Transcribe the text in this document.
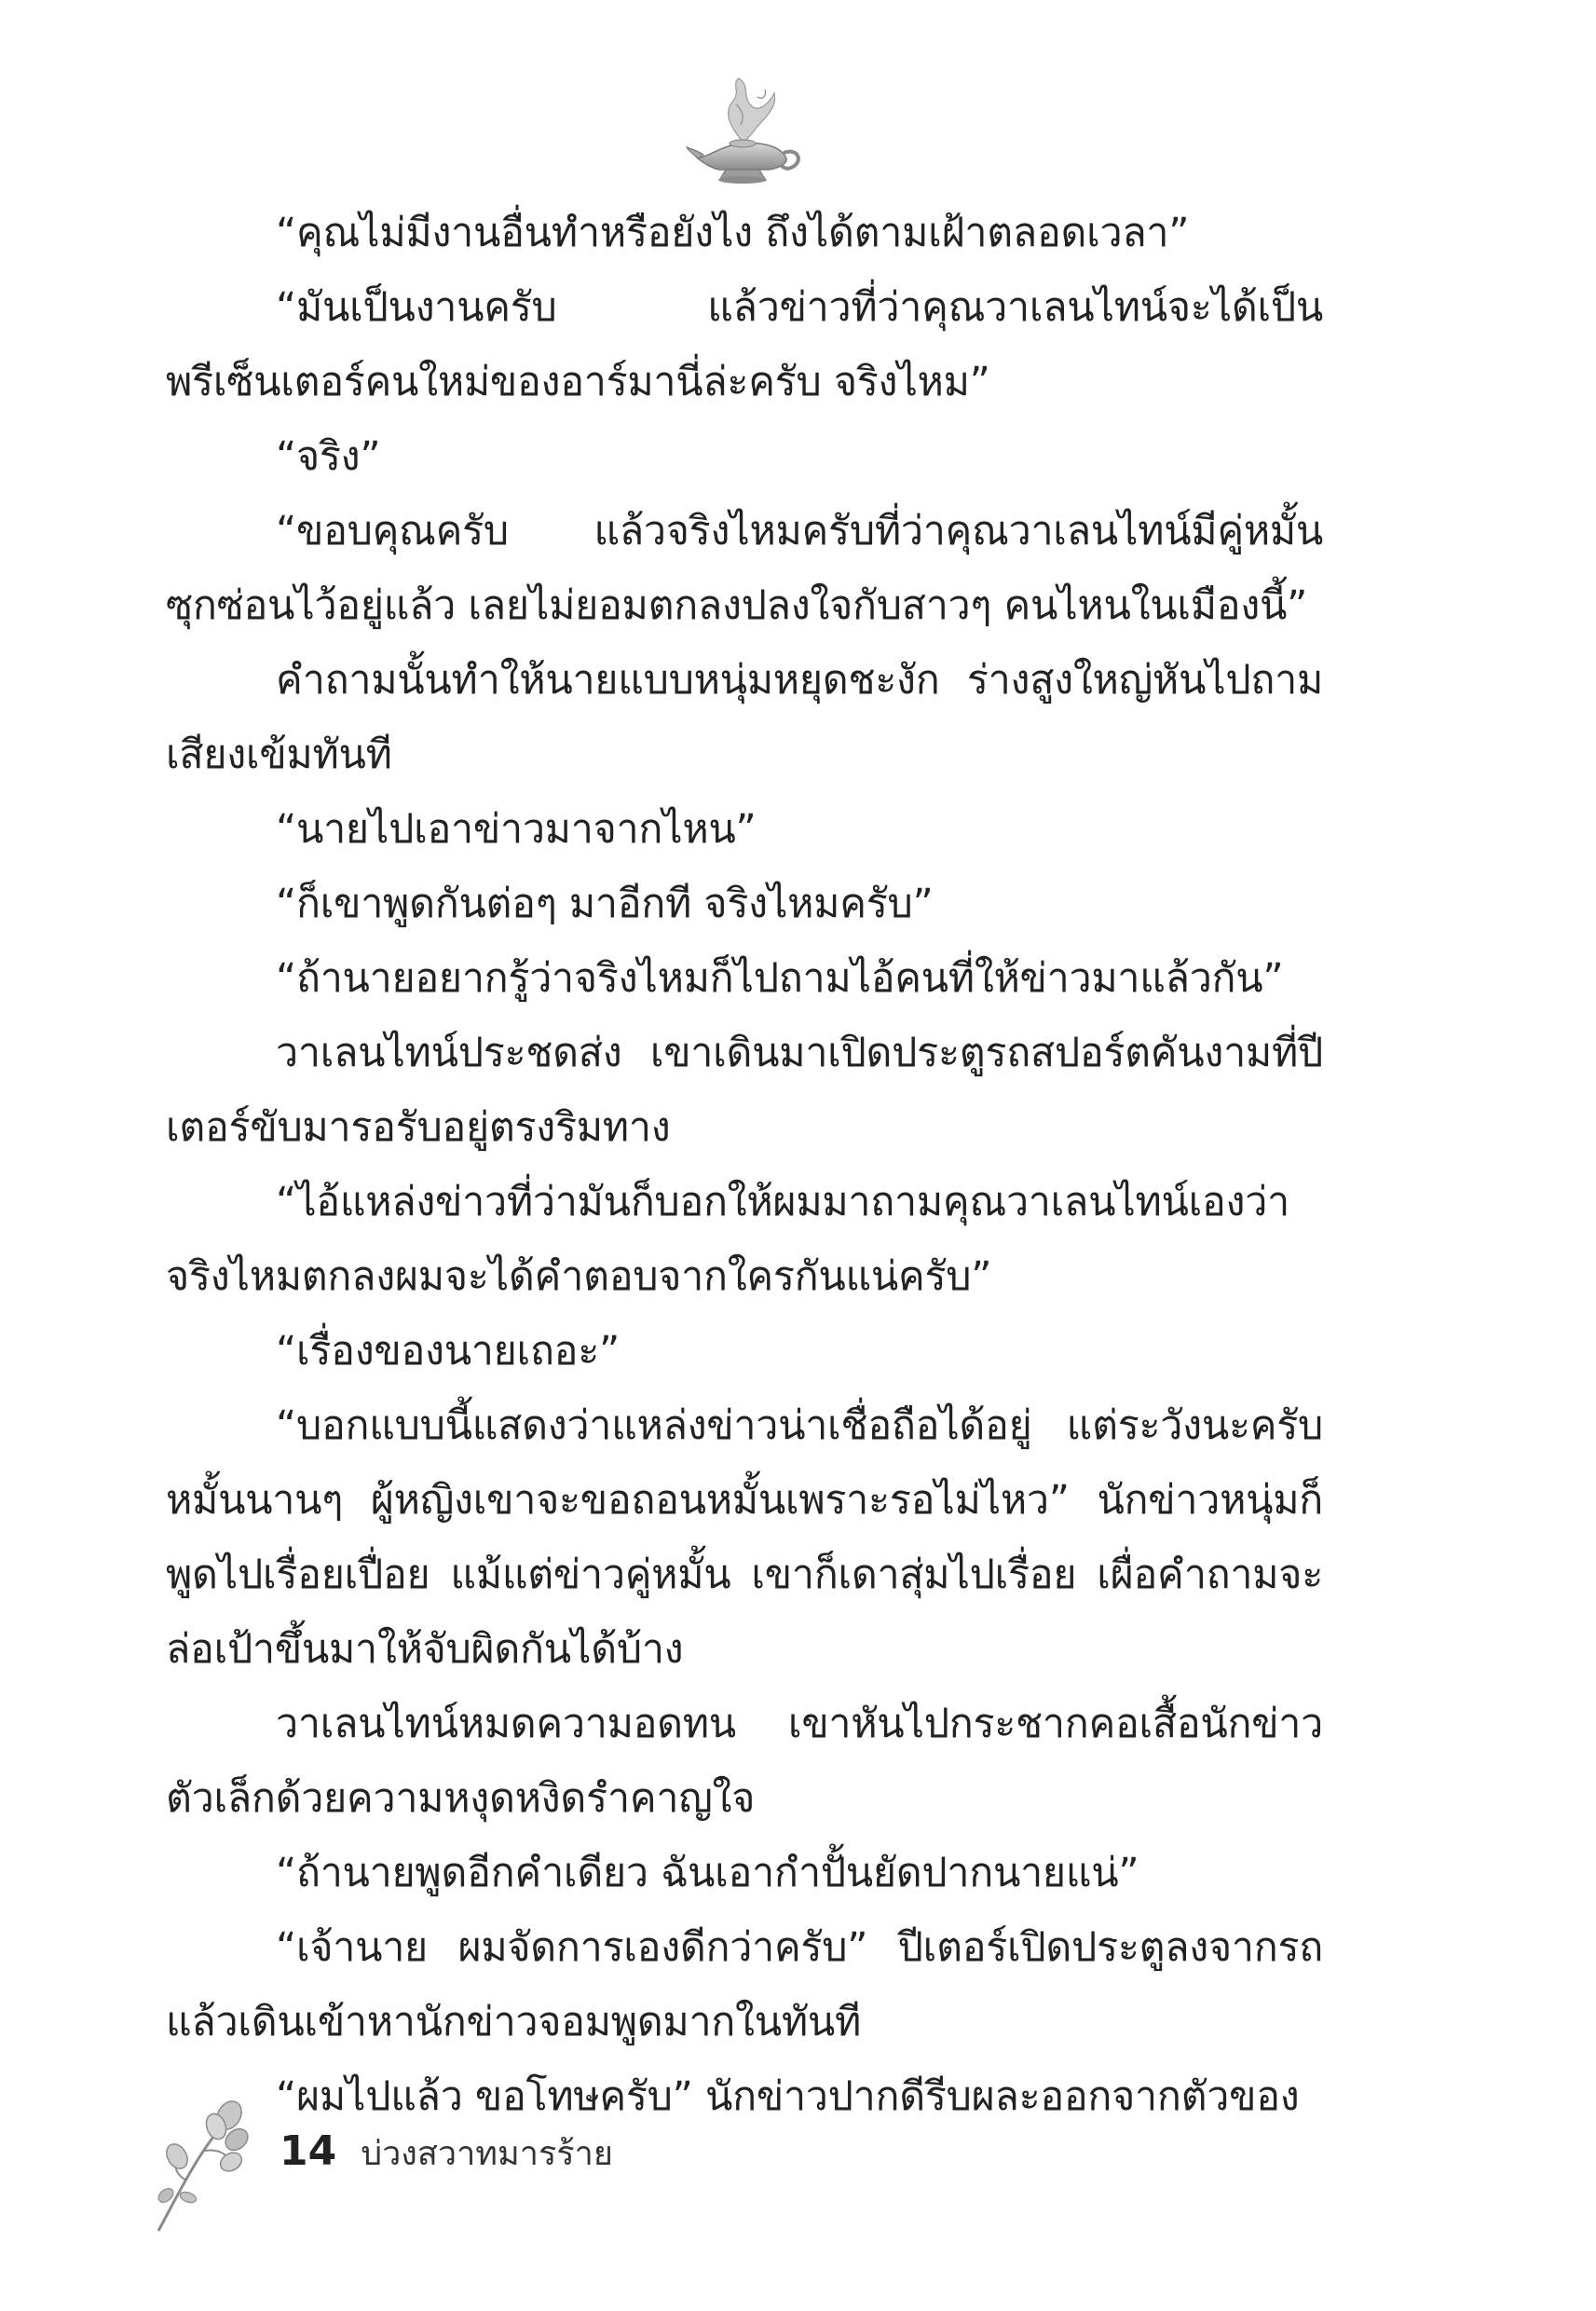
“คุณไม่มีงานอื่นทำหรือยังไง ถึงได้ตามเฝ้าตลอดเวลา”

“มันเป็นงานครับ แล้วข่าวที่ว่าคุณวาเลนไทน์จะได้เป็นพรีเซ็นเตอร์คนใหม่ของอาร์มานี่ล่ะครับ จริงไหม”

“จริง”

“ขอบคุณครับ แล้วจริงไหมครับที่ว่าคุณวาเลนไทน์มีคู่หมั้นซุกซ่อนไว้อยู่แล้ว เลยไม่ยอมตกลงปลงใจกับสาวๆ คนไหนในเมืองนี้”

คำถามนั้นทำให้นายแบบหนุ่มหยุดชะงัก ร่างสูงใหญ่หันไปถามเสียงเข้มทันที

“นายไปเอาข่าวมาจากไหน”

“ก็เขาพูดกันต่อๆ มาอีกที จริงไหมครับ”

“ถ้านายอยากรู้ว่าจริงไหมก็ไปถามไอ้คนที่ให้ข่าวมาแล้วกัน”

วาเลนไทน์ประชดส่ง เขาเดินมาเปิดประตูรถสปอร์ตคันงามที่ปีเตอร์ขับมารอรับอยู่ตรงริมทาง

“ไอ้แหล่งข่าวที่ว่ามันก็บอกให้ผมมาถามคุณวาเลนไทน์เองว่าจริงไหมตกลงผมจะได้คำตอบจากใครกันแน่ครับ”

“เรื่องของนายเถอะ”

“บอกแบบนี้แสดงว่าแหล่งข่าวน่าเชื่อถือได้อยู่ แต่ระวังนะครับ หมั้นนานๆ ผู้หญิงเขาจะขอถอนหมั้นเพราะรอไม่ไหว” นักข่าวหนุ่มก็พูดไปเรื่อยเปื่อย แม้แต่ข่าวคู่หมั้น เขาก็เดาสุ่มไปเรื่อย เผื่อคำถามจะล่อเป้าขึ้นมาให้จับผิดกันได้บ้าง

วาเลนไทน์หมดความอดทน เขาหันไปกระชากคอเสื้อนักข่าวตัวเล็กด้วยความหงุดหงิดรำคาญใจ

“ถ้านายพูดอีกคำเดียว ฉันเอากำปั้นยัดปากนายแน่”

“เจ้านาย ผมจัดการเองดีกว่าครับ” ปีเตอร์เปิดประตูลงจากรถแล้วเดินเข้าหานักข่าวจอมพูดมากในทันที

“ผมไปแล้ว ขอโทษครับ” นักข่าวปากดีรีบผละออกจากตัวของ

14 บ่วงสวาทมารร้าย
